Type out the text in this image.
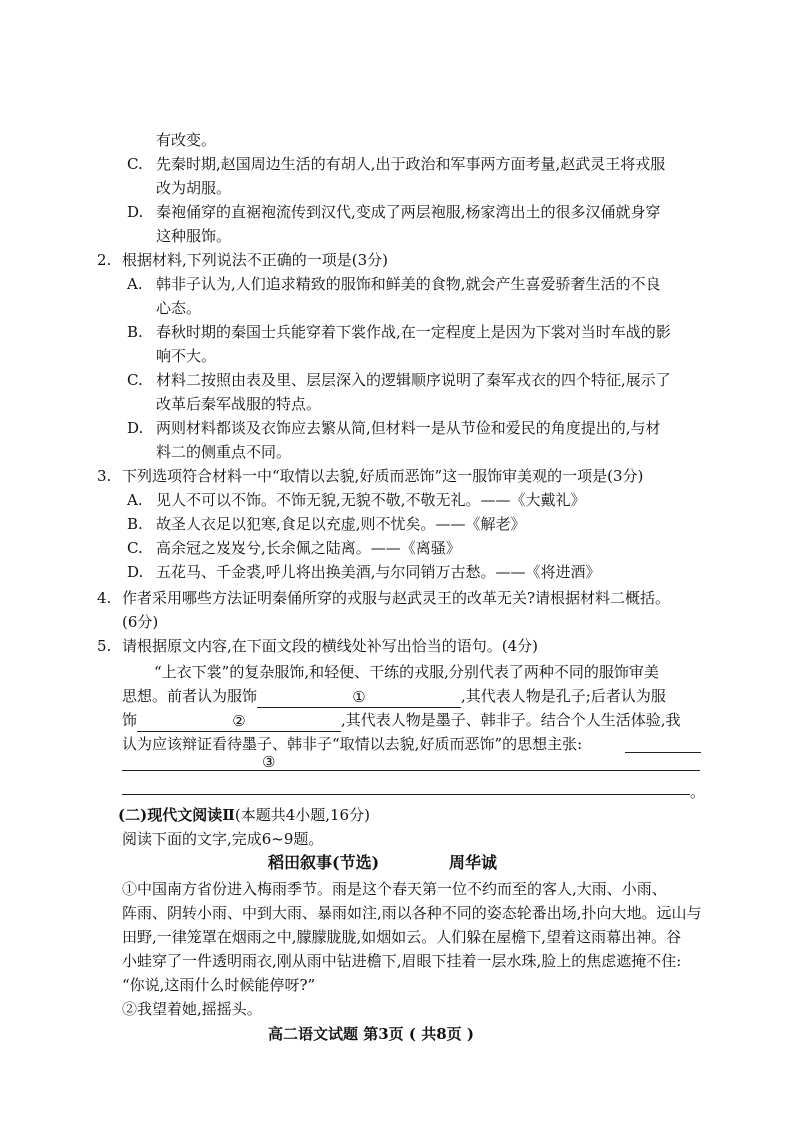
有改变。
C. 先秦时期,赵国周边生活的有胡人,出于政治和军事两方面考量,赵武灵王将戎服
改为胡服。
D. 秦袍俑穿的直裾袍流传到汉代,变成了两层袍服,杨家湾出土的很多汉俑就身穿
这种服饰。
2. 根据材料,下列说法不正确的一项是(3分)
A. 韩非子认为,人们追求精致的服饰和鲜美的食物,就会产生喜爱骄奢生活的不良
心态。
B. 春秋时期的秦国士兵能穿着下裳作战,在一定程度上是因为下裳对当时车战的影
响不大。
C. 材料二按照由表及里、层层深入的逻辑顺序说明了秦军戎衣的四个特征,展示了
改革后秦军战服的特点。
D. 两则材料都谈及衣饰应去繁从简,但材料一是从节俭和爱民的角度提出的,与材
料二的侧重点不同。
3. 下列选项符合材料一中“取情以去貌,好质而恶饰”这一服饰审美观的一项是(3分)
A. 见人不可以不饰。不饰无貌,无貌不敬,不敬无礼。——《大戴礼》
B. 故圣人衣足以犯寒,食足以充虚,则不忧矣。——《解老》
C. 高余冠之岌岌兮,长余佩之陆离。——《离骚》
D. 五花马、千金裘,呼儿将出换美酒,与尔同销万古愁。——《将进酒》
4. 作者采用哪些方法证明秦俑所穿的戎服与赵武灵王的改革无关?请根据材料二概括。
(6分)
5. 请根据原文内容,在下面文段的横线处补写出恰当的语句。(4分)
“上衣下裳”的复杂服饰,和轻便、干练的戎服,分别代表了两种不同的服饰审美
思想。前者认为服饰	①	,其代表人物是孔子;后者认为服
饰	②	,其代表人物是墨子、韩非子。结合个人生活体验,我
认为应该辩证看待墨子、韩非子“取情以去貌,好质而恶饰”的思想主张:
③
。
(二)现代文阅读Ⅱ(本题共4小题,16分)
阅读下面的文字,完成6~9题。
稻田叙事(节选)	周华诚
①中国南方省份进入梅雨季节。雨是这个春天第一位不约而至的客人,大雨、小雨、
阵雨、阴转小雨、中到大雨、暴雨如注,雨以各种不同的姿态轮番出场,扑向大地。远山与
田野,一律笼罩在烟雨之中,朦朦胧胧,如烟如云。人们躲在屋檐下,望着这雨幕出神。谷
小蛙穿了一件透明雨衣,刚从雨中钻进檐下,眉眼下挂着一层水珠,脸上的焦虑遮掩不住:
“你说,这雨什么时候能停呀?”
②我望着她,摇摇头。
高二语文试题 第3页 ( 共8页 )
